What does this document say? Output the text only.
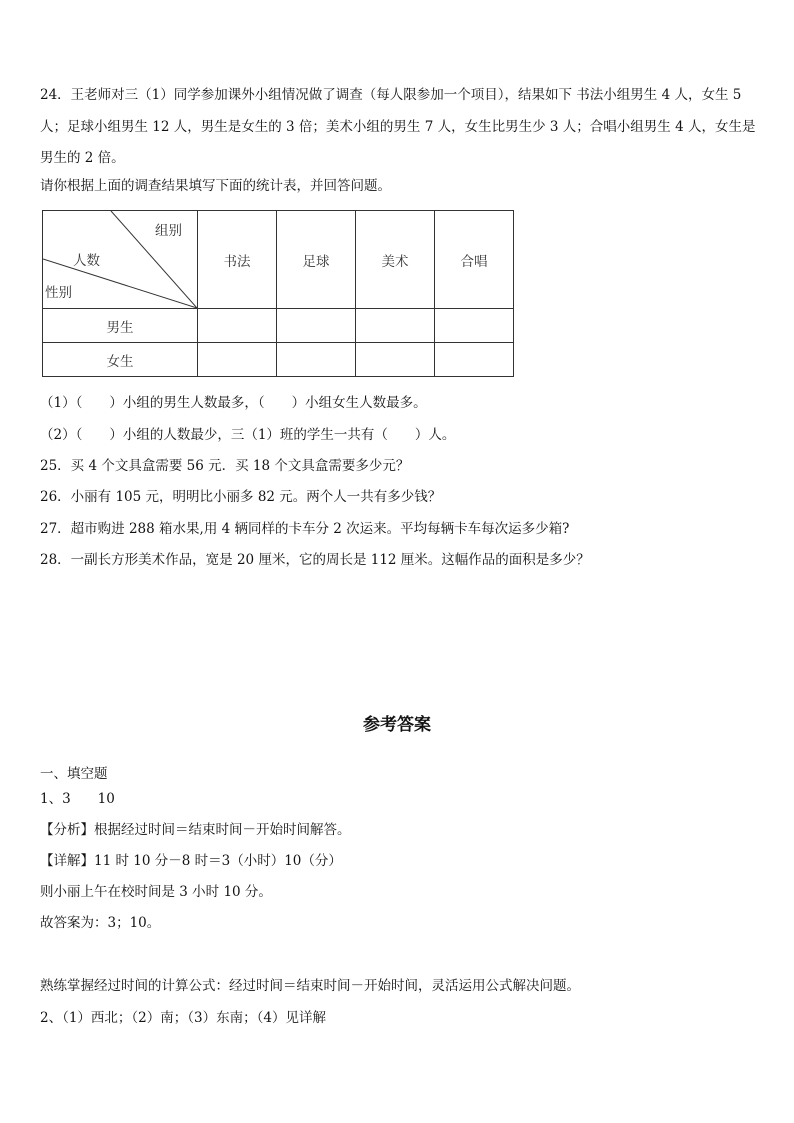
24．王老师对三（1）同学参加课外小组情况做了调查（每人限参加一个项目），结果如下 书法小组男生 4 人，女生 5
人；足球小组男生 12 人，男生是女生的 3 倍；美术小组的男生 7 人，女生比男生少 3 人；合唱小组男生 4 人，女生是
男生的 2 倍。
请你根据上面的调查结果填写下面的统计表，并回答问题。
组别
人数
性别	书法	足球	美术	合唱
男生				
女生				
（1）（　　）小组的男生人数最多，（　　）小组女生人数最多。
（2）（　　）小组的人数最少，三（1）班的学生一共有（　　）人。
25．买 4 个文具盒需要 56 元．买 18 个文具盒需要多少元？
26．小丽有 105 元，明明比小丽多 82 元。两个人一共有多少钱？
27．超市购进 288 箱水果,用 4 辆同样的卡车分 2 次运来。平均每辆卡车每次运多少箱?
28．一副长方形美术作品，宽是 20 厘米，它的周长是 112 厘米。这幅作品的面积是多少？
参考答案
一、填空题
1、3　　10
【分析】根据经过时间＝结束时间－开始时间解答。
【详解】11 时 10 分－8 时＝3（小时）10（分）
则小丽上午在校时间是 3 小时 10 分。
故答案为：3；10。
熟练掌握经过时间的计算公式：经过时间＝结束时间－开始时间，灵活运用公式解决问题。
2、（1）西北；（2）南；（3）东南；（4）见详解
